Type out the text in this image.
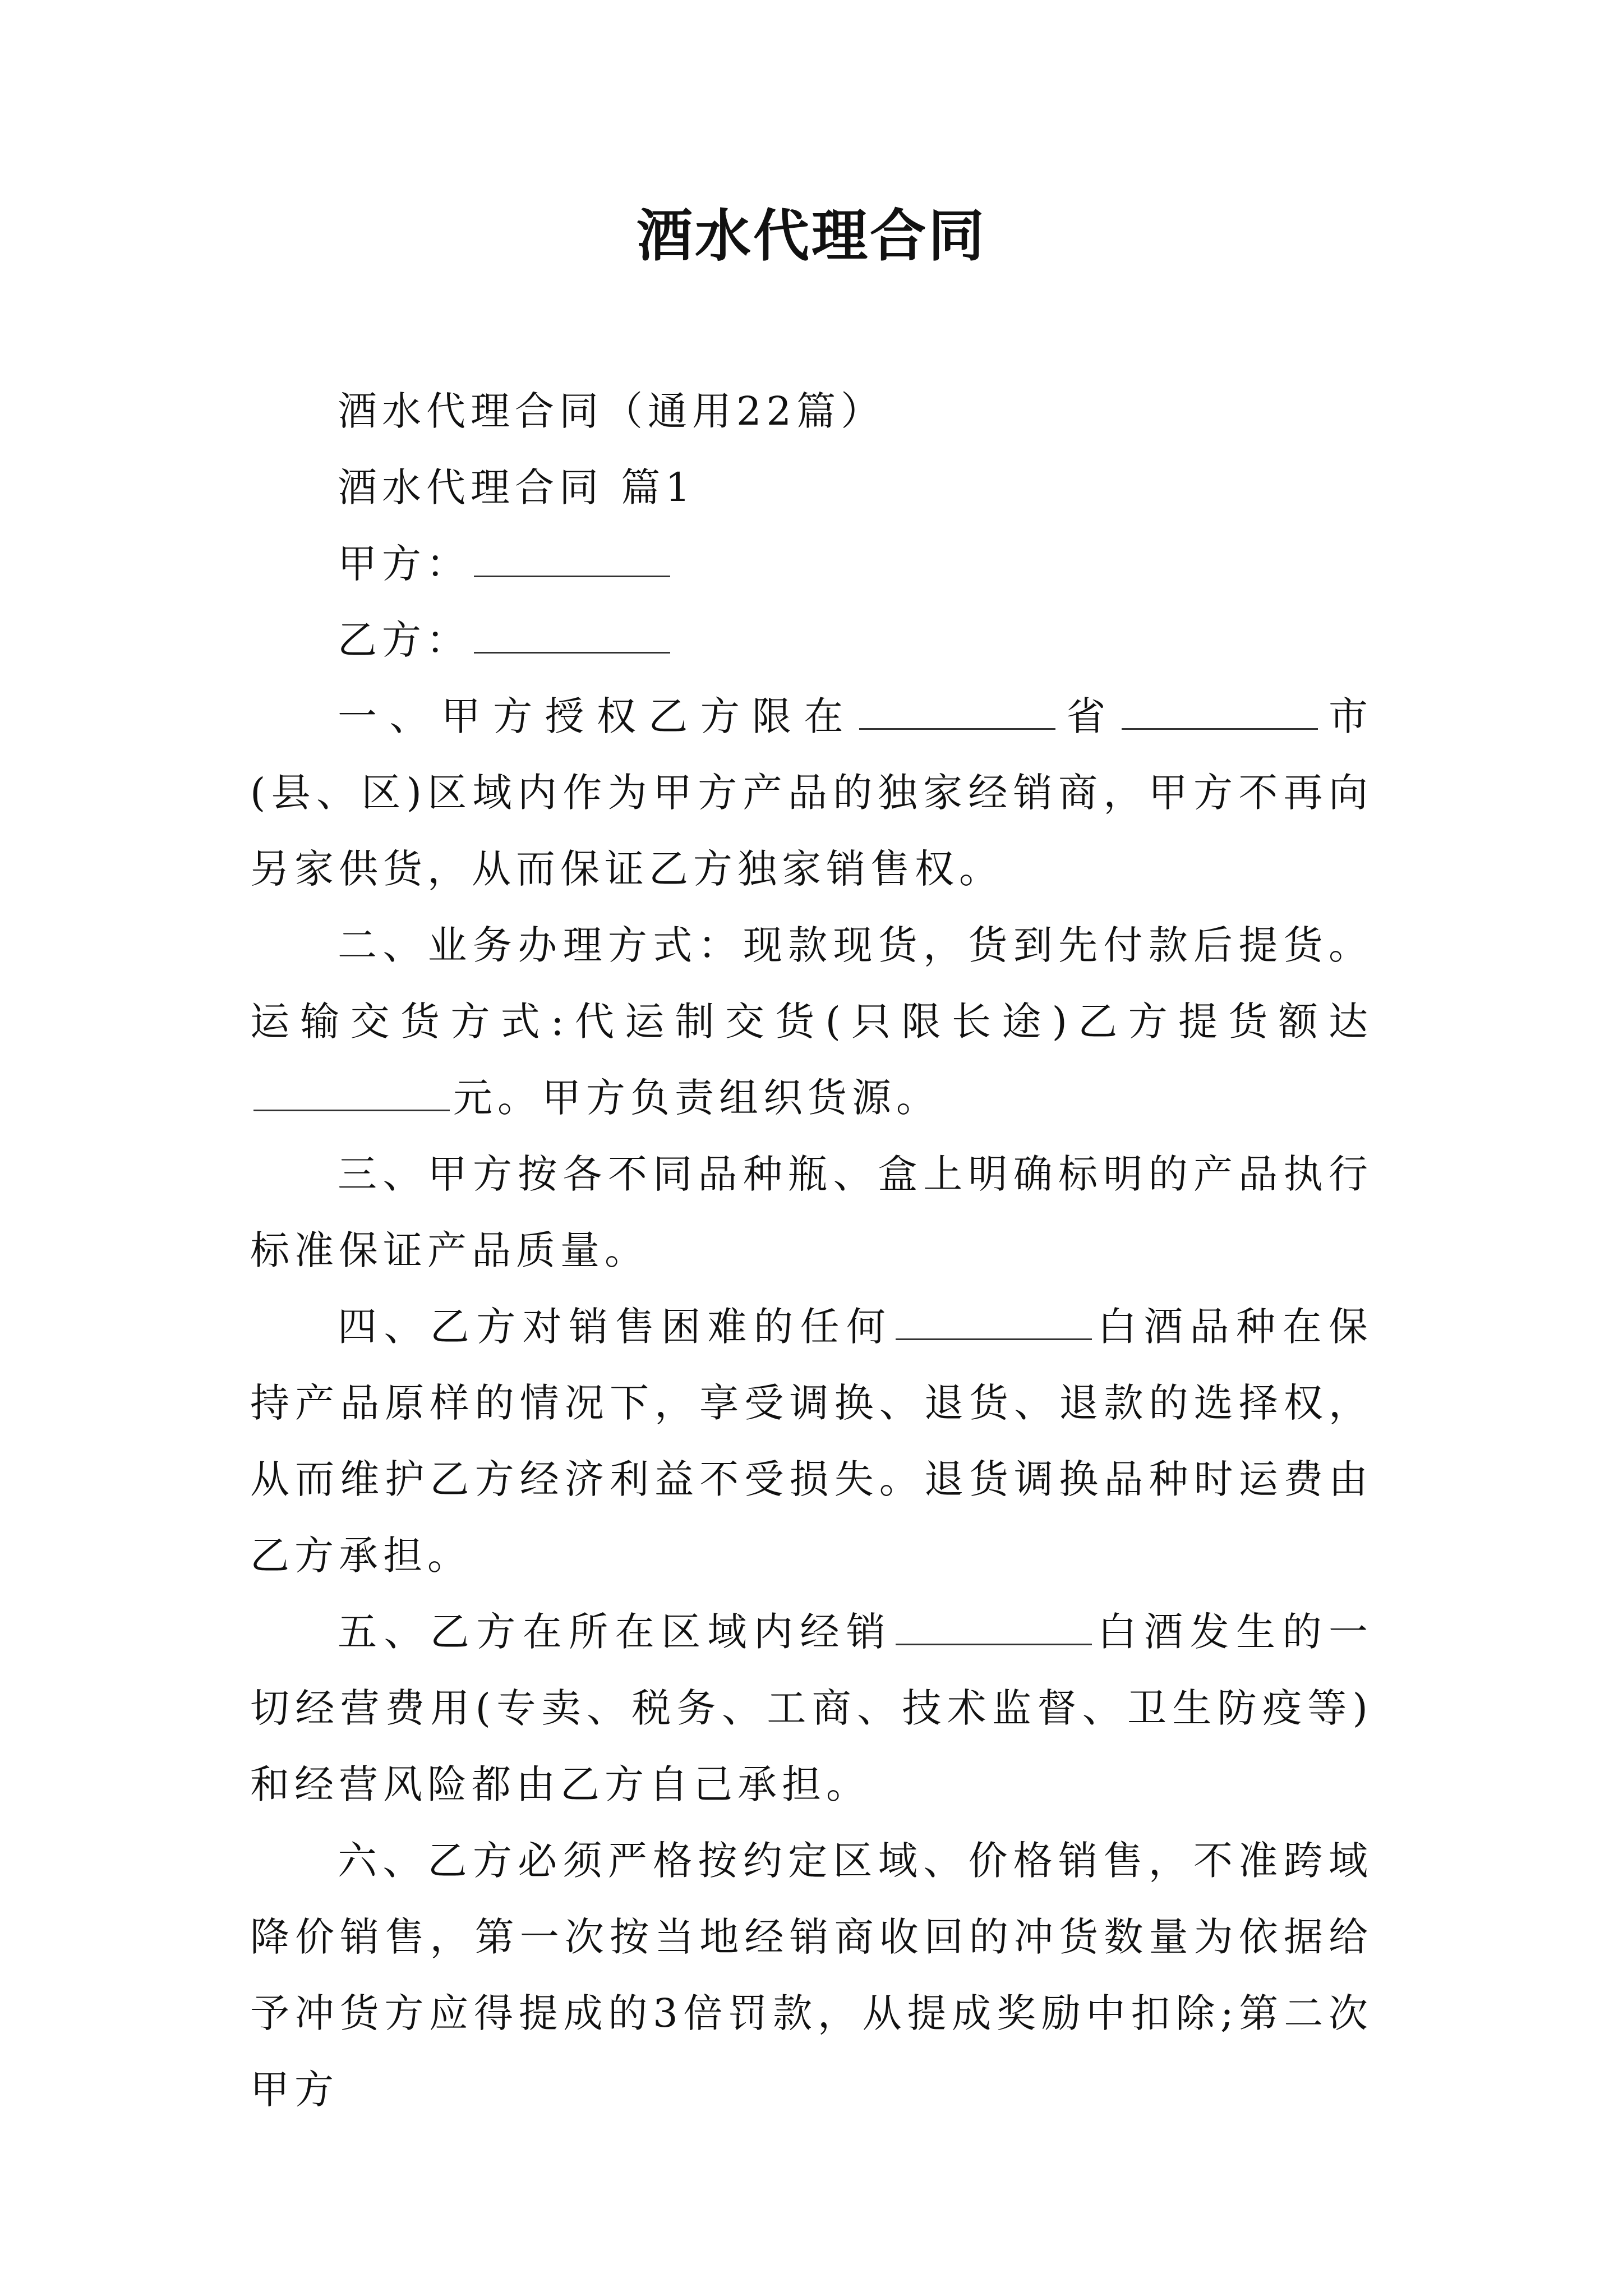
酒水代理合同

酒水代理合同（通用22篇）

酒水代理合同 篇1

甲方：

乙方：

一、甲方授权乙方限在	省	市(县、区)区域内作为甲方产品的独家经销商，甲方不再向另家供货，从而保证乙方独家销售权。

二、业务办理方式：现款现货，货到先付款后提货。运输交货方式:代运制交货(只限长途)乙方提货额达元。甲方负责组织货源。

三、甲方按各不同品种瓶、盒上明确标明的产品执行标准保证产品质量。

四、乙方对销售困难的任何	白酒品种在保持产品原样的情况下，享受调换、退货、退款的选择权，从而维护乙方经济利益不受损失。退货调换品种时运费由乙方承担。

五、乙方在所在区域内经销	白酒发生的一切经营费用(专卖、税务、工商、技术监督、卫生防疫等)和经营风险都由乙方自己承担。

六、乙方必须严格按约定区域、价格销售，不准跨域降价销售，第一次按当地经销商收回的冲货数量为依据给予冲货方应得提成的3倍罚款，从提成奖励中扣除;第二次甲方
